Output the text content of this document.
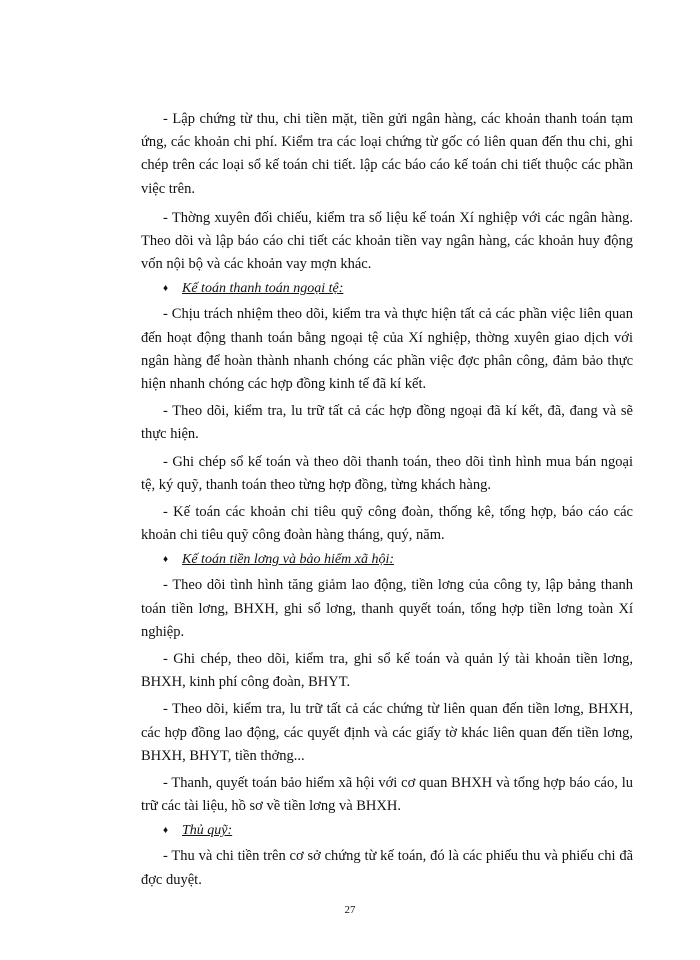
- Lập chứng từ thu, chi tiền mặt, tiền gửi ngân hàng, các khoản thanh toán tạm ứng, các khoản chi phí. Kiểm tra các loại chứng từ gốc có liên quan đến thu chi, ghi chép trên các loại sổ kế toán chi tiết. lập các báo cáo kế toán chi tiết thuộc các phần việc trên.

- Thờng xuyên đối chiếu, kiểm tra số liệu kế toán Xí nghiệp với các ngân hàng. Theo dõi và lập báo cáo chi tiết các khoản tiền vay ngân hàng, các khoản huy động vốn nội bộ và các khoản vay mợn khác.

♦ Kế toán thanh toán ngoại tệ:

- Chịu trách nhiệm theo dõi, kiểm tra và thực hiện tất cả các phần việc liên quan đến hoạt động thanh toán bằng ngoại tệ của Xí nghiệp, thờng xuyên giao dịch với ngân hàng để hoàn thành nhanh chóng các phần việc đợc phân công, đảm bảo thực hiện nhanh chóng các hợp đồng kinh tế đã kí kết.

- Theo dõi, kiểm tra, lu trữ tất cả các hợp đồng ngoại đã kí kết, đã, đang và sẽ thực hiện.

- Ghi chép sổ kế toán và theo dõi thanh toán, theo dõi tình hình mua bán ngoại tệ, ký quỹ, thanh toán theo từng hợp đồng, từng khách hàng.

- Kế toán các khoản chi tiêu quỹ công đoàn, thống kê, tổng hợp, báo cáo các khoản chi tiêu quỹ công đoàn hàng tháng, quý, năm.

♦ Kế toán tiền lơng và bảo hiểm xã hội:

- Theo dõi tình hình tăng giảm lao động, tiền lơng của công ty, lập bảng thanh toán tiền lơng, BHXH, ghi sổ lơng, thanh quyết toán, tổng hợp tiền lơng toàn Xí nghiệp.

- Ghi chép, theo dõi, kiểm tra, ghi sổ kế toán và quản lý tài khoản tiền lơng, BHXH, kinh phí công đoàn, BHYT.

- Theo dõi, kiểm tra, lu trữ tất cả các chứng từ liên quan đến tiền lơng, BHXH, các hợp đồng lao động, các quyết định và các giấy tờ khác liên quan đến tiền lơng, BHXH, BHYT, tiền thởng...

- Thanh, quyết toán bảo hiểm xã hội với cơ quan BHXH và tổng hợp báo cáo, lu trữ các tài liệu, hồ sơ về tiền lơng và BHXH.

♦ Thủ quỹ:

- Thu và chi tiền trên cơ sở chứng từ kế toán, đó là các phiếu thu và phiếu chi đã đợc duyệt.

27
